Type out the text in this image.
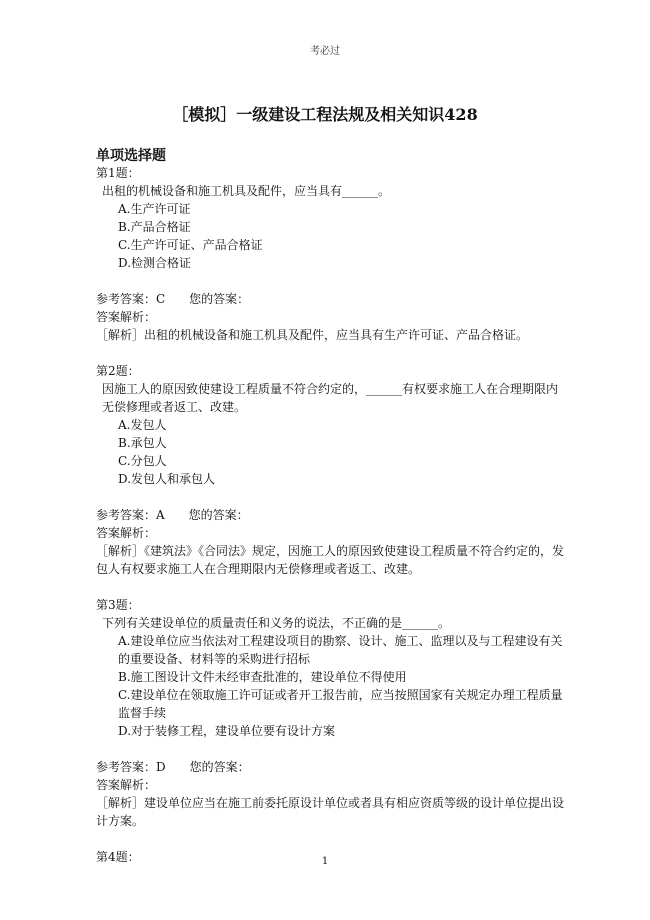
考必过
［模拟］一级建设工程法规及相关知识428
单项选择题
第1题：
出租的机械设备和施工机具及配件，应当具有______。
A.生产许可证
B.产品合格证
C.生产许可证、产品合格证
D.检测合格证
参考答案：C　　您的答案：
答案解析：
［解析］出租的机械设备和施工机具及配件，应当具有生产许可证、产品合格证。
第2题：
因施工人的原因致使建设工程质量不符合约定的，______有权要求施工人在合理期限内无偿修理或者返工、改建。
A.发包人
B.承包人
C.分包人
D.发包人和承包人
参考答案：A　　您的答案：
答案解析：
［解析］《建筑法》《合同法》规定，因施工人的原因致使建设工程质量不符合约定的，发包人有权要求施工人在合理期限内无偿修理或者返工、改建。
第3题：
下列有关建设单位的质量责任和义务的说法，不正确的是______。
A.建设单位应当依法对工程建设项目的勘察、设计、施工、监理以及与工程建设有关的重要设备、材料等的采购进行招标
B.施工图设计文件未经审查批准的，建设单位不得使用
C.建设单位在领取施工许可证或者开工报告前，应当按照国家有关规定办理工程质量监督手续
D.对于装修工程，建设单位要有设计方案
参考答案：D　　您的答案：
答案解析：
［解析］建设单位应当在施工前委托原设计单位或者具有相应资质等级的设计单位提出设计方案。
第4题：	1
